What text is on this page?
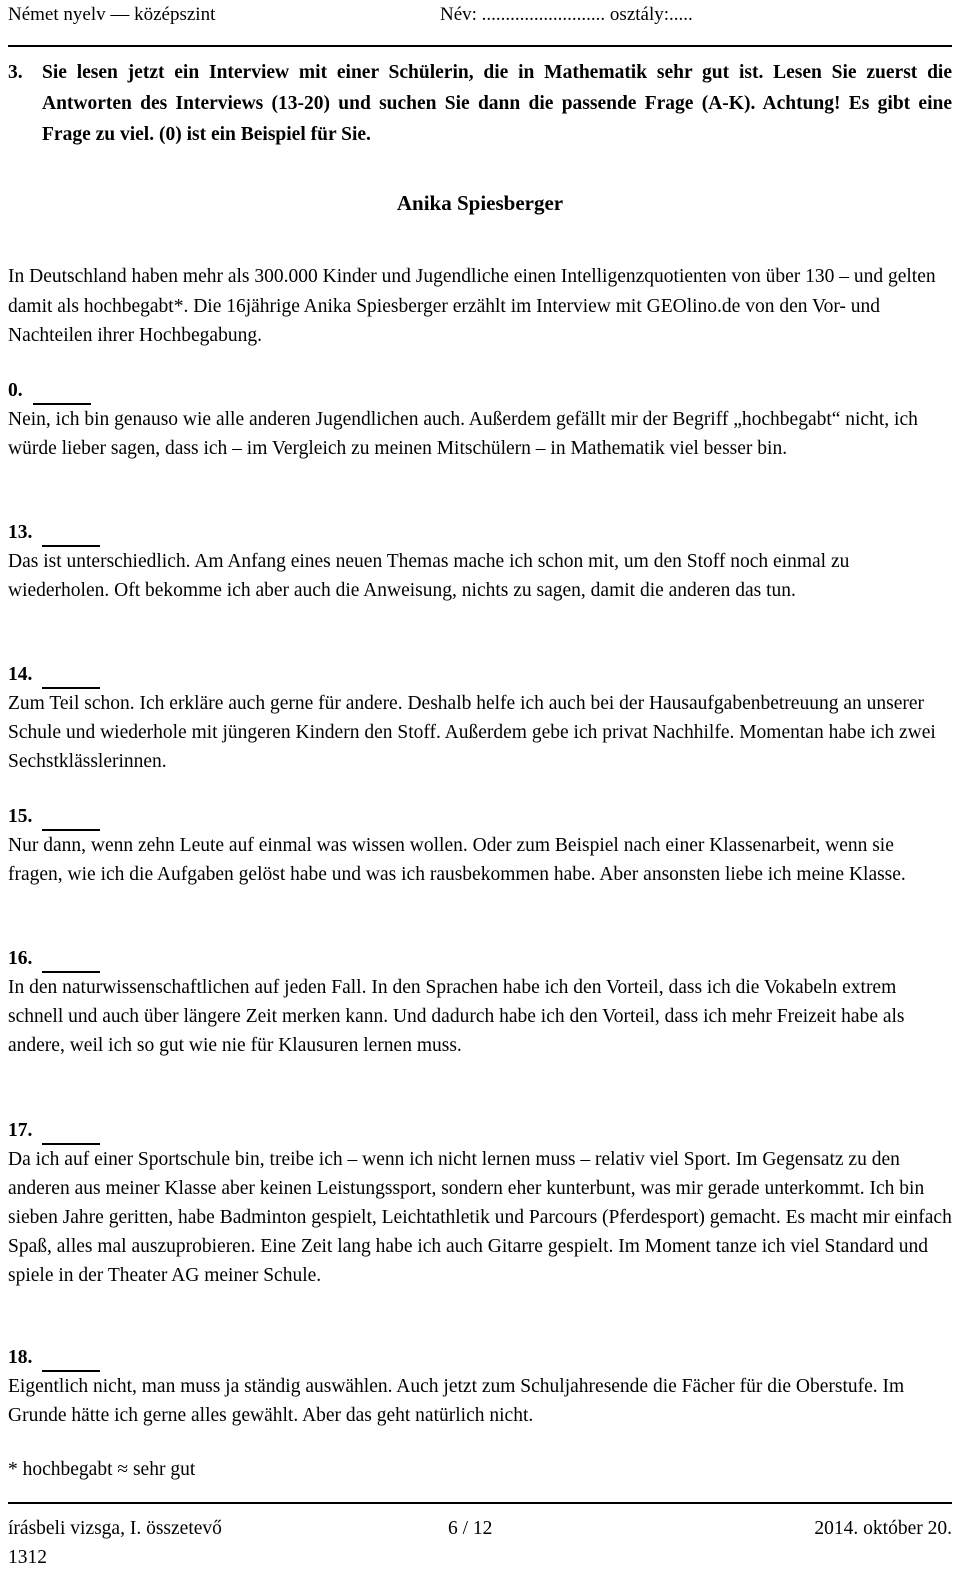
Német nyelv — középszint	Név: .......................... osztály:.....
3. Sie lesen jetzt ein Interview mit einer Schülerin, die in Mathematik sehr gut ist. Lesen Sie zuerst die Antworten des Interviews (13-20) und suchen Sie dann die passende Frage (A-K). Achtung! Es gibt eine Frage zu viel. (0) ist ein Beispiel für Sie.
Anika Spiesberger
In Deutschland haben mehr als 300.000 Kinder und Jugendliche einen Intelligenzquotienten von über 130 – und gelten damit als hochbegabt*. Die 16jährige Anika Spiesberger erzählt im Interview mit GEOlino.de von den Vor- und Nachteilen ihrer Hochbegabung.
0.
Nein, ich bin genauso wie alle anderen Jugendlichen auch. Außerdem gefällt mir der Begriff „hochbegabt“ nicht, ich würde lieber sagen, dass ich – im Vergleich zu meinen Mitschülern – in Mathematik viel besser bin.
13.
Das ist unterschiedlich. Am Anfang eines neuen Themas mache ich schon mit, um den Stoff noch einmal zu wiederholen. Oft bekomme ich aber auch die Anweisung, nichts zu sagen, damit die anderen das tun.
14.
Zum Teil schon. Ich erkläre auch gerne für andere. Deshalb helfe ich auch bei der Hausaufgabenbetreuung an unserer Schule und wiederhole mit jüngeren Kindern den Stoff. Außerdem gebe ich privat Nachhilfe. Momentan habe ich zwei Sechstklässlerinnen.
15.
Nur dann, wenn zehn Leute auf einmal was wissen wollen. Oder zum Beispiel nach einer Klassenarbeit, wenn sie fragen, wie ich die Aufgaben gelöst habe und was ich rausbekommen habe. Aber ansonsten liebe ich meine Klasse.
16.
In den naturwissenschaftlichen auf jeden Fall. In den Sprachen habe ich den Vorteil, dass ich die Vokabeln extrem schnell und auch über längere Zeit merken kann. Und dadurch habe ich den Vorteil, dass ich mehr Freizeit habe als andere, weil ich so gut wie nie für Klausuren lernen muss.
17.
Da ich auf einer Sportschule bin, treibe ich – wenn ich nicht lernen muss – relativ viel Sport. Im Gegensatz zu den anderen aus meiner Klasse aber keinen Leistungssport, sondern eher kunterbunt, was mir gerade unterkommt. Ich bin sieben Jahre geritten, habe Badminton gespielt, Leichtathletik und Parcours (Pferdesport) gemacht. Es macht mir einfach Spaß, alles mal auszuprobieren. Eine Zeit lang habe ich auch Gitarre gespielt. Im Moment tanze ich viel Standard und spiele in der Theater AG meiner Schule.
18.
Eigentlich nicht, man muss ja ständig auswählen. Auch jetzt zum Schuljahresende die Fächer für die Oberstufe. Im Grunde hätte ich gerne alles gewählt. Aber das geht natürlich nicht.
* hochbegabt ≈ sehr gut
írásbeli vizsga, I. összetevő	6 / 12	2014. október 20.
1312
